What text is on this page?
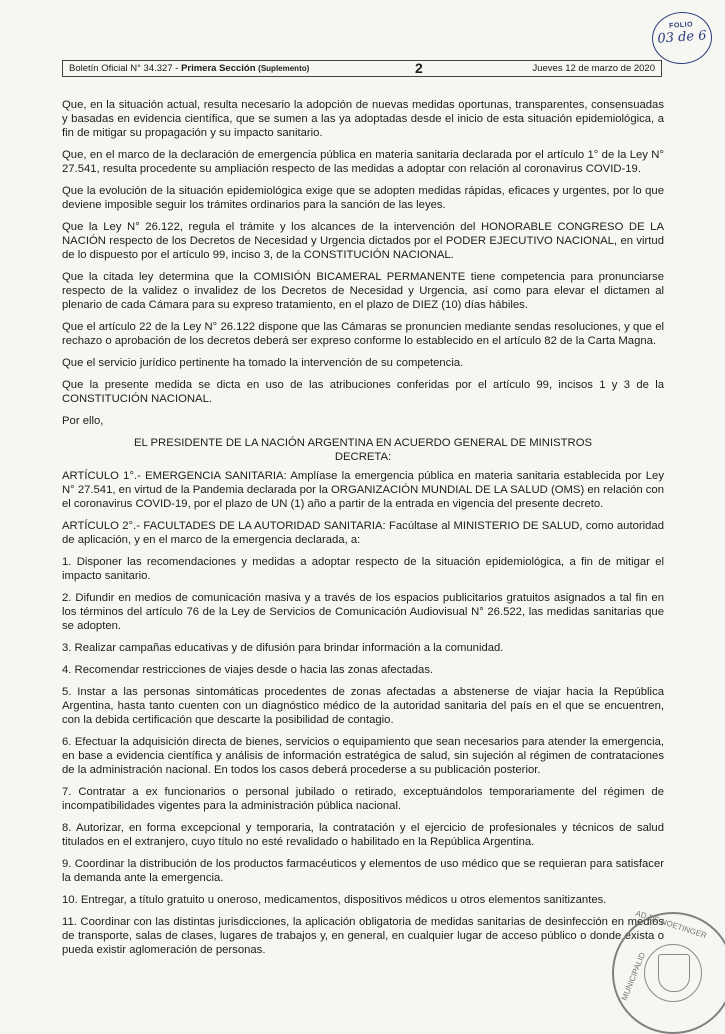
FOLIO
03 de 6
Boletín Oficial N° 34.327 - Primera Sección (Suplemento)	2	Jueves 12 de marzo de 2020

Que, en la situación actual, resulta necesario la adopción de nuevas medidas oportunas, transparentes, consensuadas y basadas en evidencia científica, que se sumen a las ya adoptadas desde el inicio de esta situación epidemiológica, a fin de mitigar su propagación y su impacto sanitario.

Que, en el marco de la declaración de emergencia pública en materia sanitaria declarada por el artículo 1° de la Ley N° 27.541, resulta procedente su ampliación respecto de las medidas a adoptar con relación al coronavirus COVID-19.

Que la evolución de la situación epidemiológica exige que se adopten medidas rápidas, eficaces y urgentes, por lo que deviene imposible seguir los trámites ordinarios para la sanción de las leyes.

Que la Ley N° 26.122, regula el trámite y los alcances de la intervención del HONORABLE CONGRESO DE LA NACIÓN respecto de los Decretos de Necesidad y Urgencia dictados por el PODER EJECUTIVO NACIONAL, en virtud de lo dispuesto por el artículo 99, inciso 3, de la CONSTITUCIÓN NACIONAL.

Que la citada ley determina que la COMISIÓN BICAMERAL PERMANENTE tiene competencia para pronunciarse respecto de la validez o invalidez de los Decretos de Necesidad y Urgencia, así como para elevar el dictamen al plenario de cada Cámara para su expreso tratamiento, en el plazo de DIEZ (10) días hábiles.

Que el artículo 22 de la Ley N° 26.122 dispone que las Cámaras se pronuncien mediante sendas resoluciones, y que el rechazo o aprobación de los decretos deberá ser expreso conforme lo establecido en el artículo 82 de la Carta Magna.

Que el servicio jurídico pertinente ha tomado la intervención de su competencia.

Que la presente medida se dicta en uso de las atribuciones conferidas por el artículo 99, incisos 1 y 3 de la CONSTITUCIÓN NACIONAL.

Por ello,

EL PRESIDENTE DE LA NACIÓN ARGENTINA EN ACUERDO GENERAL DE MINISTROS
DECRETA:

ARTÍCULO 1°.- EMERGENCIA SANITARIA: Amplíase la emergencia pública en materia sanitaria establecida por Ley N° 27.541, en virtud de la Pandemia declarada por la ORGANIZACIÓN MUNDIAL DE LA SALUD (OMS) en relación con el coronavirus COVID-19, por el plazo de UN (1) año a partir de la entrada en vigencia del presente decreto.

ARTÍCULO 2°.- FACULTADES DE LA AUTORIDAD SANITARIA: Facúltase al MINISTERIO DE SALUD, como autoridad de aplicación, y en el marco de la emergencia declarada, a:

1. Disponer las recomendaciones y medidas a adoptar respecto de la situación epidemiológica, a fin de mitigar el impacto sanitario.

2. Difundir en medios de comunicación masiva y a través de los espacios publicitarios gratuitos asignados a tal fin en los términos del artículo 76 de la Ley de Servicios de Comunicación Audiovisual N° 26.522, las medidas sanitarias que se adopten.

3. Realizar campañas educativas y de difusión para brindar información a la comunidad.

4. Recomendar restricciones de viajes desde o hacia las zonas afectadas.

5. Instar a las personas sintomáticas procedentes de zonas afectadas a abstenerse de viajar hacia la República Argentina, hasta tanto cuenten con un diagnóstico médico de la autoridad sanitaria del país en el que se encuentren, con la debida certificación que descarte la posibilidad de contagio.

6. Efectuar la adquisición directa de bienes, servicios o equipamiento que sean necesarios para atender la emergencia, en base a evidencia científica y análisis de información estratégica de salud, sin sujeción al régimen de contrataciones de la administración nacional. En todos los casos deberá procederse a su publicación posterior.

7. Contratar a ex funcionarios o personal jubilado o retirado, exceptuándolos temporariamente del régimen de incompatibilidades vigentes para la administración pública nacional.

8. Autorizar, en forma excepcional y temporaria, la contratación y el ejercicio de profesionales y técnicos de salud titulados en el extranjero, cuyo título no esté revalidado o habilitado en la República Argentina.

9. Coordinar la distribución de los productos farmacéuticos y elementos de uso médico que se requieran para satisfacer la demanda ante la emergencia.

10. Entregar, a título gratuito u oneroso, medicamentos, dispositivos médicos u otros elementos sanitizantes.

11. Coordinar con las distintas jurisdicciones, la aplicación obligatoria de medidas sanitarias de desinfección en medios de transporte, salas de clases, lugares de trabajos y, en general, en cualquier lugar de acceso público o donde exista o pueda existir aglomeración de personas.

AD DE NOETINGER
MUNICIPALID
